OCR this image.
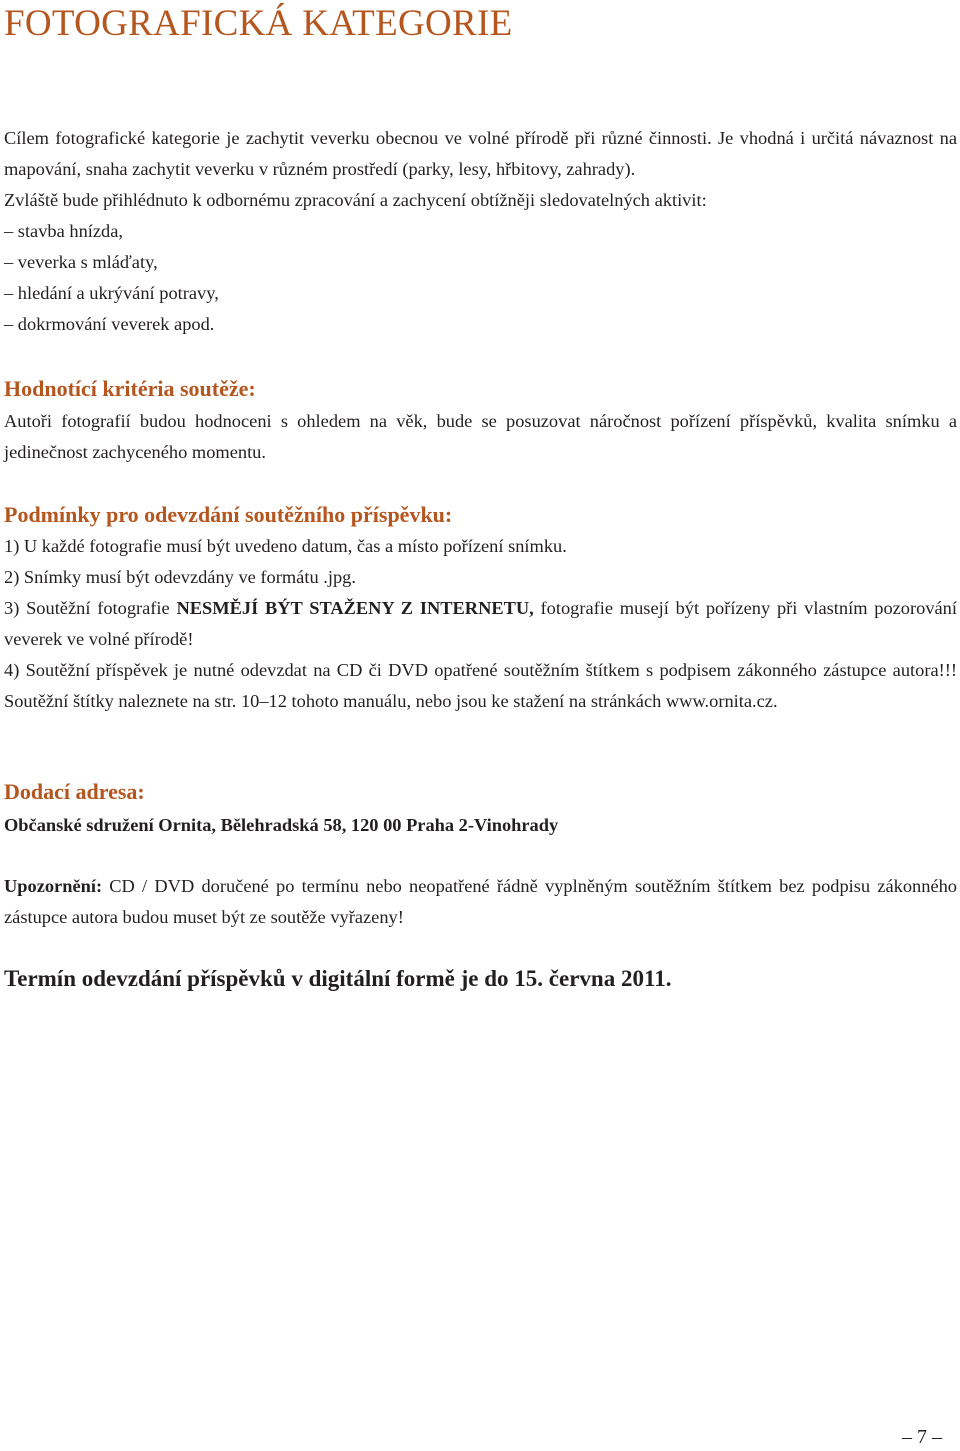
FOTOGRAFICKÁ KATEGORIE

Cílem fotografické kategorie je zachytit veverku obecnou ve volné přírodě při různé činnosti. Je vhodná i určitá návaznost na mapování, snaha zachytit veverku v různém prostředí (parky, lesy, hřbitovy, zahrady).

Zvláště bude přihlédnuto k odbornému zpracování a zachycení obtížněji sledovatelných aktivit:

– stavba hnízda,
– veverka s mláďaty,
– hledání a ukrývání potravy,
– dokrmování veverek apod.
Hodnotící kritéria soutěže:

Autoři fotografií budou hodnoceni s ohledem na věk, bude se posuzovat náročnost pořízení příspěvků, kvalita snímku a jedinečnost zachyceného momentu.

Podmínky pro odevzdání soutěžního příspěvku:

1) U každé fotografie musí být uvedeno datum, čas a místo pořízení snímku.

2) Snímky musí být odevzdány ve formátu .jpg.

3) Soutěžní fotografie NESMĚJÍ BÝT STAŽENY Z INTERNETU, fotografie musejí být pořízeny při vlastním pozorování veverek ve volné přírodě!

4) Soutěžní příspěvek je nutné odevzdat na CD či DVD opatřené soutěžním štítkem s podpisem zákonného zástupce autora!!! Soutěžní štítky naleznete na str. 10–12 tohoto manuálu, nebo jsou ke stažení na stránkách www.ornita.cz.

Dodací adresa:
Občanské sdružení Ornita, Bělehradská 58, 120 00 Praha 2-Vinohrady

Upozornění: CD / DVD doručené po termínu nebo neopatřené řádně vyplněným soutěžním štítkem bez podpisu zákonného zástupce autora budou muset být ze soutěže vyřazeny!

Termín odevzdání příspěvků v digitální formě je do 15. června 2011.

– 7 –
